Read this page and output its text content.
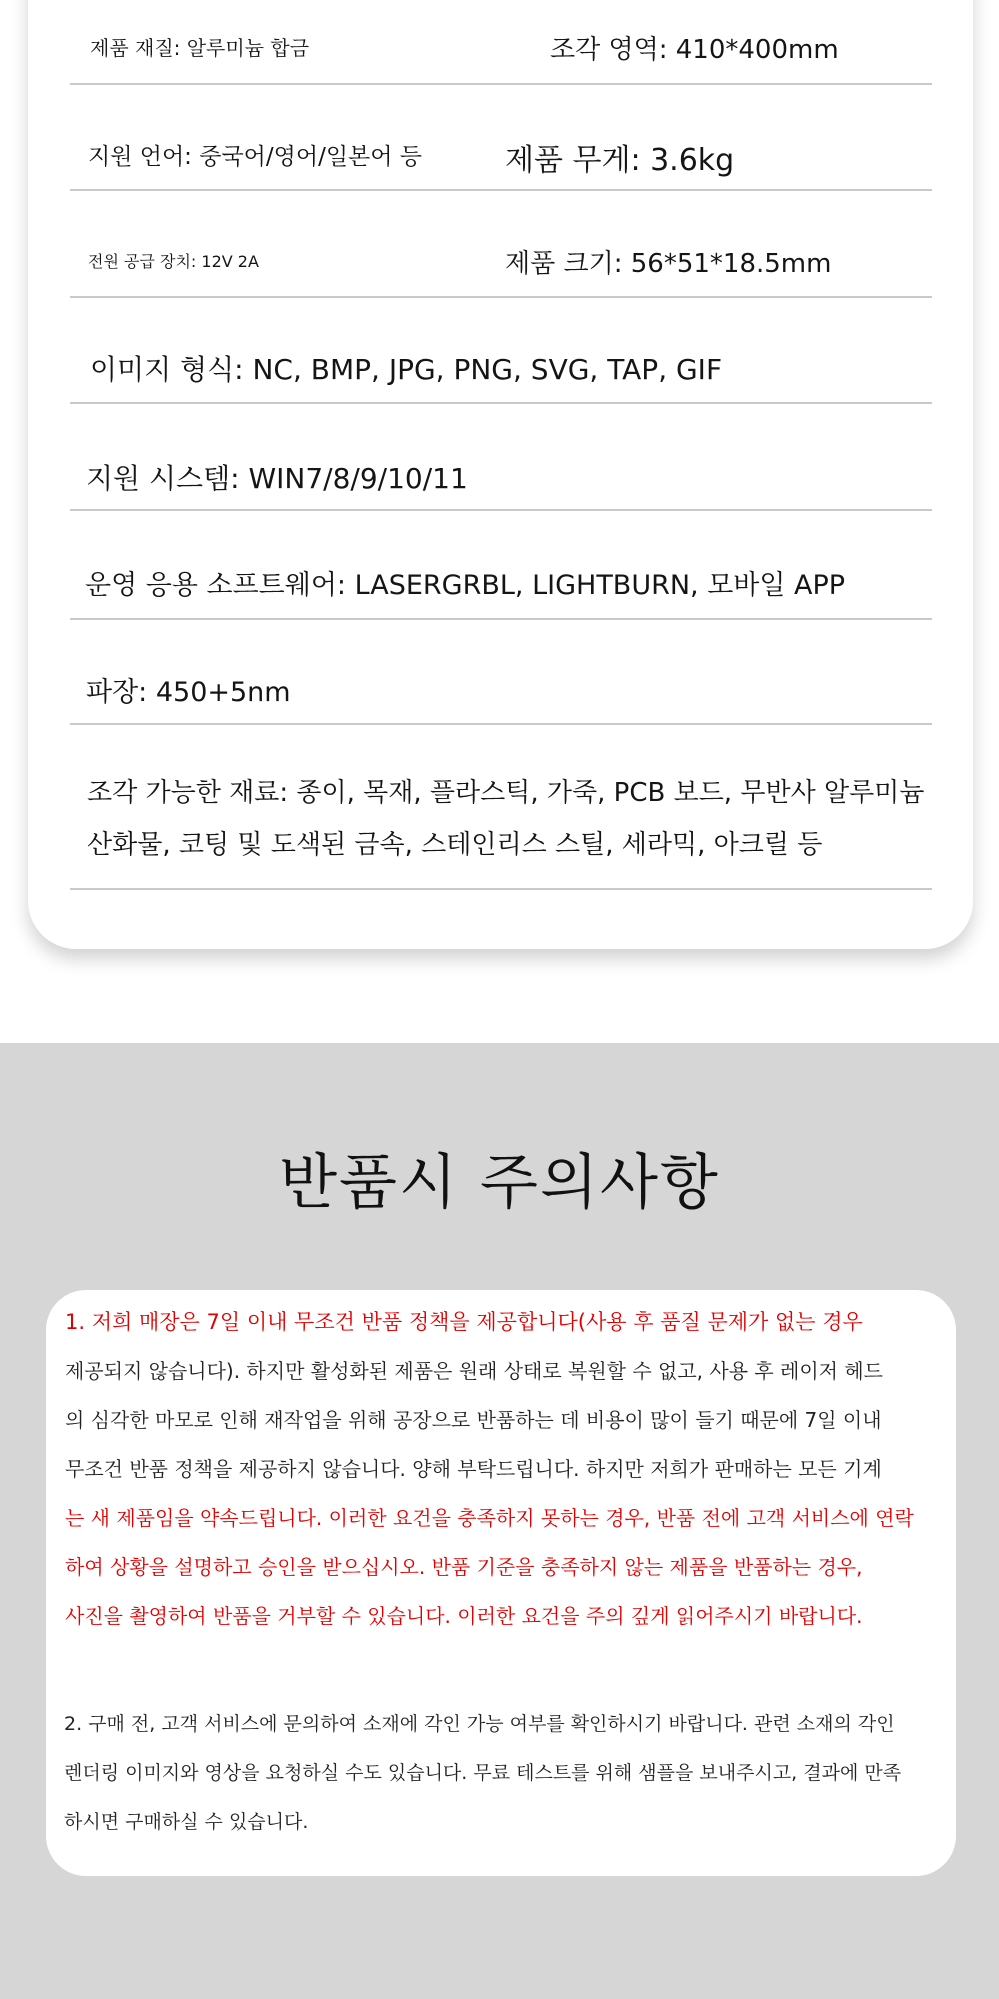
제품 재질: 알루미늄 합금	조각 영역: 410*400mm
지원 언어: 중국어/영어/일본어 등	제품 무게: 3.6kg
전원 공급 장치: 12V 2A	제품 크기: 56*51*18.5mm
이미지 형식: NC, BMP, JPG, PNG, SVG, TAP, GIF
지원 시스템: WIN7/8/9/10/11
운영 응용 소프트웨어: LASERGRBL, LIGHTBURN, 모바일 APP
파장: 450+5nm
조각 가능한 재료: 종이, 목재, 플라스틱, 가죽, PCB 보드, 무반사 알루미늄
산화물, 코팅 및 도색된 금속, 스테인리스 스틸, 세라믹, 아크릴 등
반품시 주의사항
1. 저희 매장은 7일 이내 무조건 반품 정책을 제공합니다(사용 후 품질 문제가 없는 경우
제공되지 않습니다). 하지만 활성화된 제품은 원래 상태로 복원할 수 없고, 사용 후 레이저 헤드
의 심각한 마모로 인해 재작업을 위해 공장으로 반품하는 데 비용이 많이 들기 때문에 7일 이내
무조건 반품 정책을 제공하지 않습니다. 양해 부탁드립니다. 하지만 저희가 판매하는 모든 기계
는 새 제품임을 약속드립니다. 이러한 요건을 충족하지 못하는 경우, 반품 전에 고객 서비스에 연락
하여 상황을 설명하고 승인을 받으십시오. 반품 기준을 충족하지 않는 제품을 반품하는 경우,
사진을 촬영하여 반품을 거부할 수 있습니다. 이러한 요건을 주의 깊게 읽어주시기 바랍니다.
2. 구매 전, 고객 서비스에 문의하여 소재에 각인 가능 여부를 확인하시기 바랍니다. 관련 소재의 각인
렌더링 이미지와 영상을 요청하실 수도 있습니다. 무료 테스트를 위해 샘플을 보내주시고, 결과에 만족
하시면 구매하실 수 있습니다.
